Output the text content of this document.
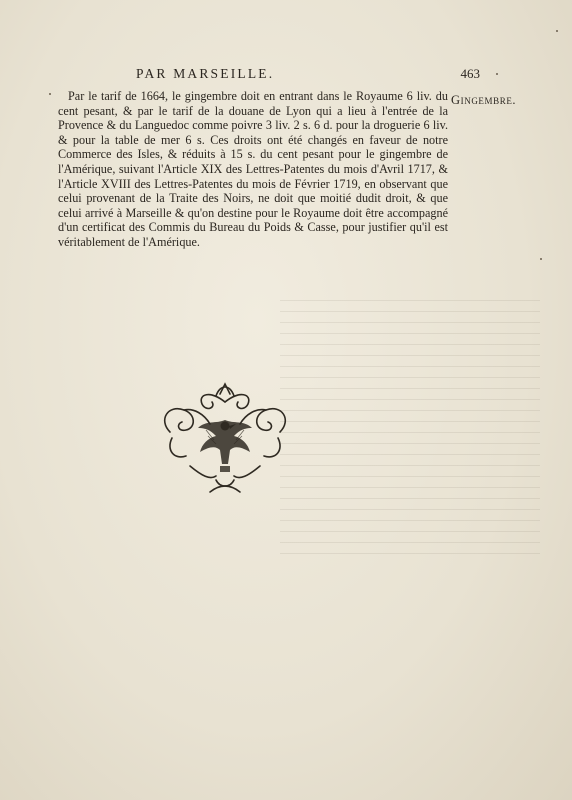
PAR MARSEILLE.	463
Gingembre.

Par le tarif de 1664, le gingembre doit en entrant dans le Royaume 6 liv. du cent pesant, & par le tarif de la douane de Lyon qui a lieu à l'entrée de la Provence & du Languedoc comme poivre 3 liv. 2 s. 6 d. pour la droguerie 6 liv. & pour la table de mer 6 s. Ces droits ont été changés en faveur de notre Commerce des Isles, & réduits à 15 s. du cent pesant pour le gingembre de l'Amérique, suivant l'Article XIX des Lettres-Patentes du mois d'Avril 1717, & l'Article XVIII des Lettres-Patentes du mois de Février 1719, en observant que celui provenant de la Traite des Noirs, ne doit que moitié dudit droit, & que celui arrivé à Marseille & qu'on destine pour le Royaume doit être accompagné d'un certificat des Commis du Bureau du Poids & Casse, pour justifier qu'il est véritablement de l'Amérique.
